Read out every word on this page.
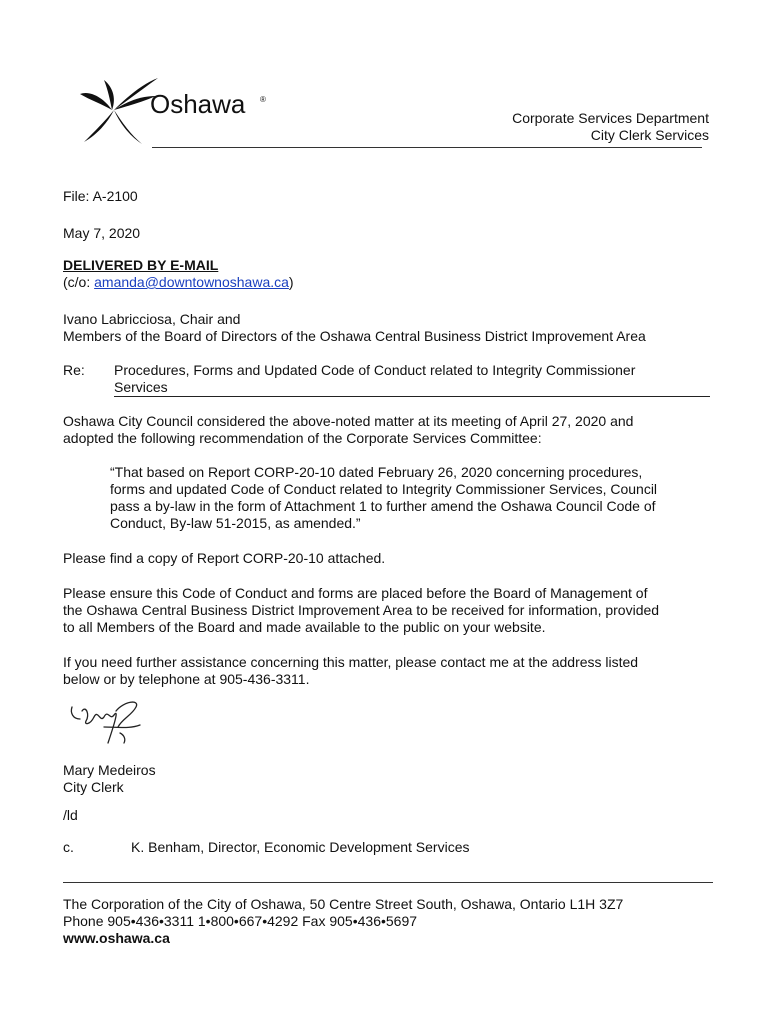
Oshawa ®
Corporate Services Department
City Clerk Services
File: A-2100
May 7, 2020
DELIVERED BY E-MAIL
(c/o: amanda@downtownoshawa.ca)
Ivano Labricciosa, Chair and
Members of the Board of Directors of the Oshawa Central Business District Improvement Area
Re: Procedures, Forms and Updated Code of Conduct related to Integrity Commissioner
Services
Oshawa City Council considered the above-noted matter at its meeting of April 27, 2020 and
adopted the following recommendation of the Corporate Services Committee:
“That based on Report CORP-20-10 dated February 26, 2020 concerning procedures,
forms and updated Code of Conduct related to Integrity Commissioner Services, Council
pass a by-law in the form of Attachment 1 to further amend the Oshawa Council Code of
Conduct, By-law 51-2015, as amended.”
Please find a copy of Report CORP-20-10 attached.
Please ensure this Code of Conduct and forms are placed before the Board of Management of
the Oshawa Central Business District Improvement Area to be received for information, provided
to all Members of the Board and made available to the public on your website.
If you need further assistance concerning this matter, please contact me at the address listed
below or by telephone at 905-436-3311.
Mary Medeiros
City Clerk
/ld
c.	K. Benham, Director, Economic Development Services
The Corporation of the City of Oshawa, 50 Centre Street South, Oshawa, Ontario L1H 3Z7
Phone 905•436•3311 1•800•667•4292 Fax 905•436•5697
www.oshawa.ca
